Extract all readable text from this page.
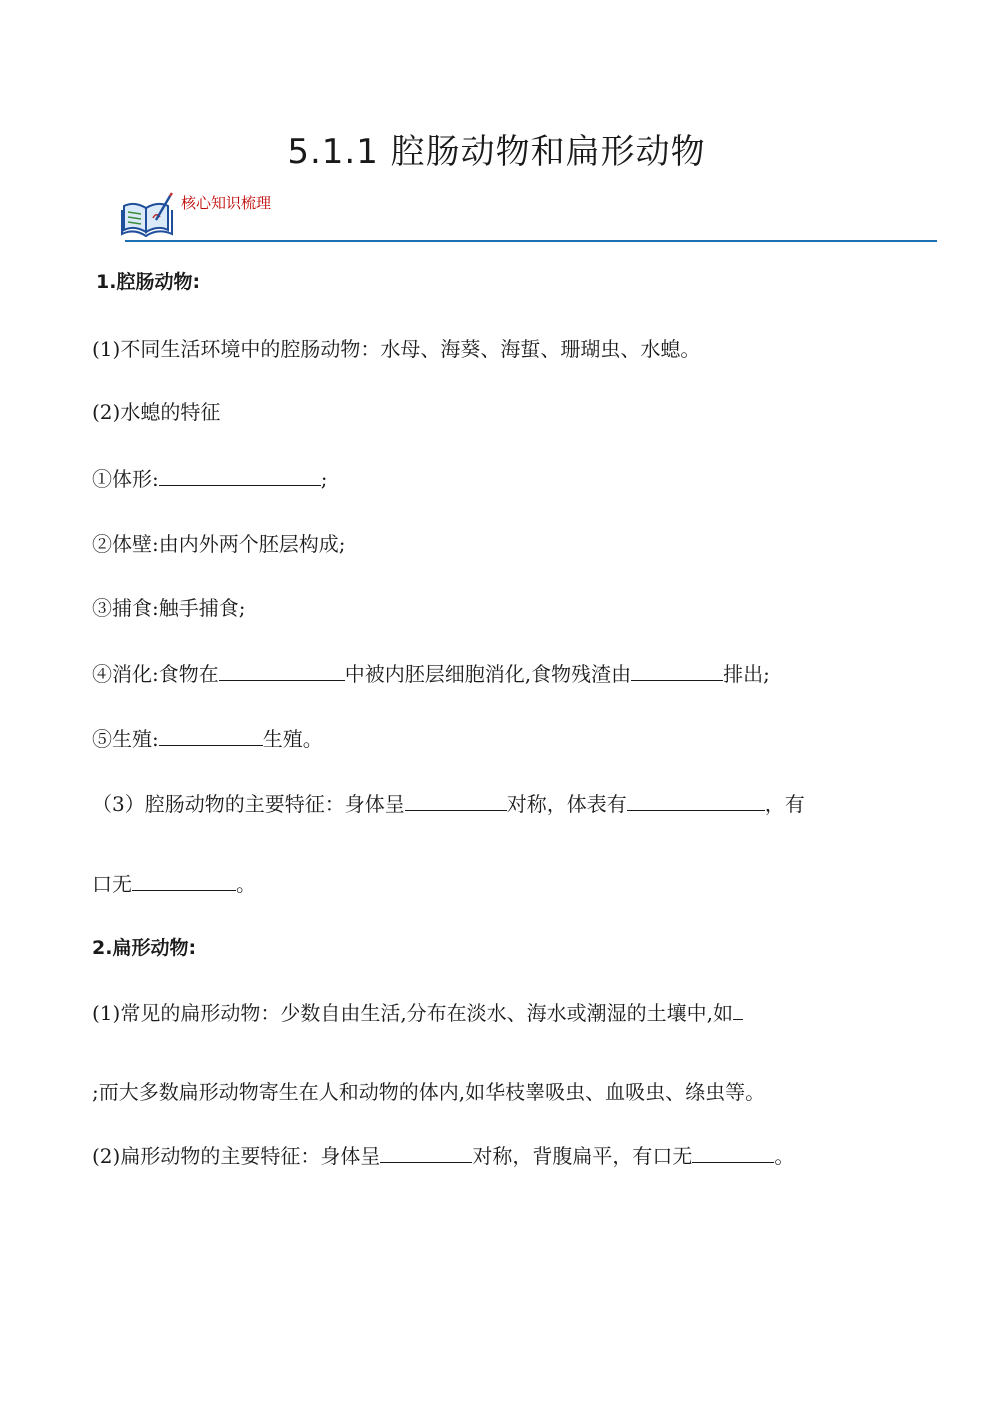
5.1.1 腔肠动物和扁形动物
核心知识梳理
1.腔肠动物:
(1)不同生活环境中的腔肠动物：水母、海葵、海蜇、珊瑚虫、水螅。
(2)水螅的特征
①体形:	;
②体壁:由内外两个胚层构成;
③捕食:触手捕食;
④消化:食物在	中被内胚层细胞消化,食物残渣由	排出;
⑤生殖:	生殖。
（3）腔肠动物的主要特征：身体呈	对称，体表有	，有
口无	。
2.扁形动物:
(1)常见的扁形动物：少数自由生活,分布在淡水、海水或潮湿的土壤中,如
;而大多数扁形动物寄生在人和动物的体内,如华枝睾吸虫、血吸虫、绦虫等。
(2)扁形动物的主要特征：身体呈	对称，背腹扁平，有口无	。
